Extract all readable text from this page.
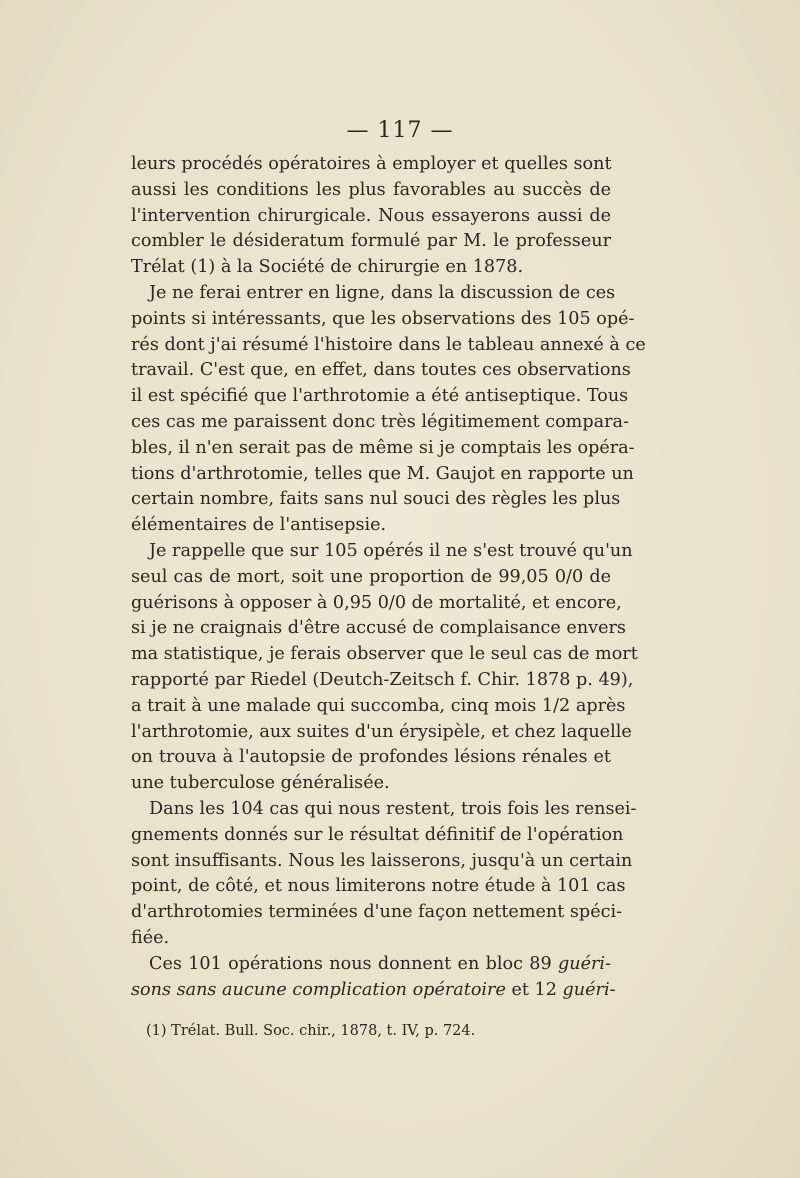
— 117 —
leurs procédés opératoires à employer et quelles sont
aussi les conditions les plus favorables au succès de
l'intervention chirurgicale. Nous essayerons aussi de
combler le désideratum formulé par M. le professeur
Trélat (1) à la Société de chirurgie en 1878.
Je ne ferai entrer en ligne, dans la discussion de ces
points si intéressants, que les observations des 105 opé-
rés dont j'ai résumé l'histoire dans le tableau annexé à ce
travail. C'est que, en effet, dans toutes ces observations
il est spécifié que l'arthrotomie a été antiseptique. Tous
ces cas me paraissent donc très légitimement compara-
bles, il n'en serait pas de même si je comptais les opéra-
tions d'arthrotomie, telles que M. Gaujot en rapporte un
certain nombre, faits sans nul souci des règles les plus
élémentaires de l'antisepsie.
Je rappelle que sur 105 opérés il ne s'est trouvé qu'un
seul cas de mort, soit une proportion de 99,05 0/0 de
guérisons à opposer à 0,95 0/0 de mortalité, et encore,
si je ne craignais d'être accusé de complaisance envers
ma statistique, je ferais observer que le seul cas de mort
rapporté par Riedel (Deutch-Zeitsch f. Chir. 1878 p. 49),
a trait à une malade qui succomba, cinq mois 1/2 après
l'arthrotomie, aux suites d'un érysipèle, et chez laquelle
on trouva à l'autopsie de profondes lésions rénales et
une tuberculose généralisée.
Dans les 104 cas qui nous restent, trois fois les rensei-
gnements donnés sur le résultat définitif de l'opération
sont insuffisants. Nous les laisserons, jusqu'à un certain
point, de côté, et nous limiterons notre étude à 101 cas
d'arthrotomies terminées d'une façon nettement spéci-
fiée.
Ces 101 opérations nous donnent en bloc 89 guéri-
sons sans aucune complication opératoire et 12 guéri-
(1) Trélat. Bull. Soc. chir., 1878, t. IV, p. 724.
